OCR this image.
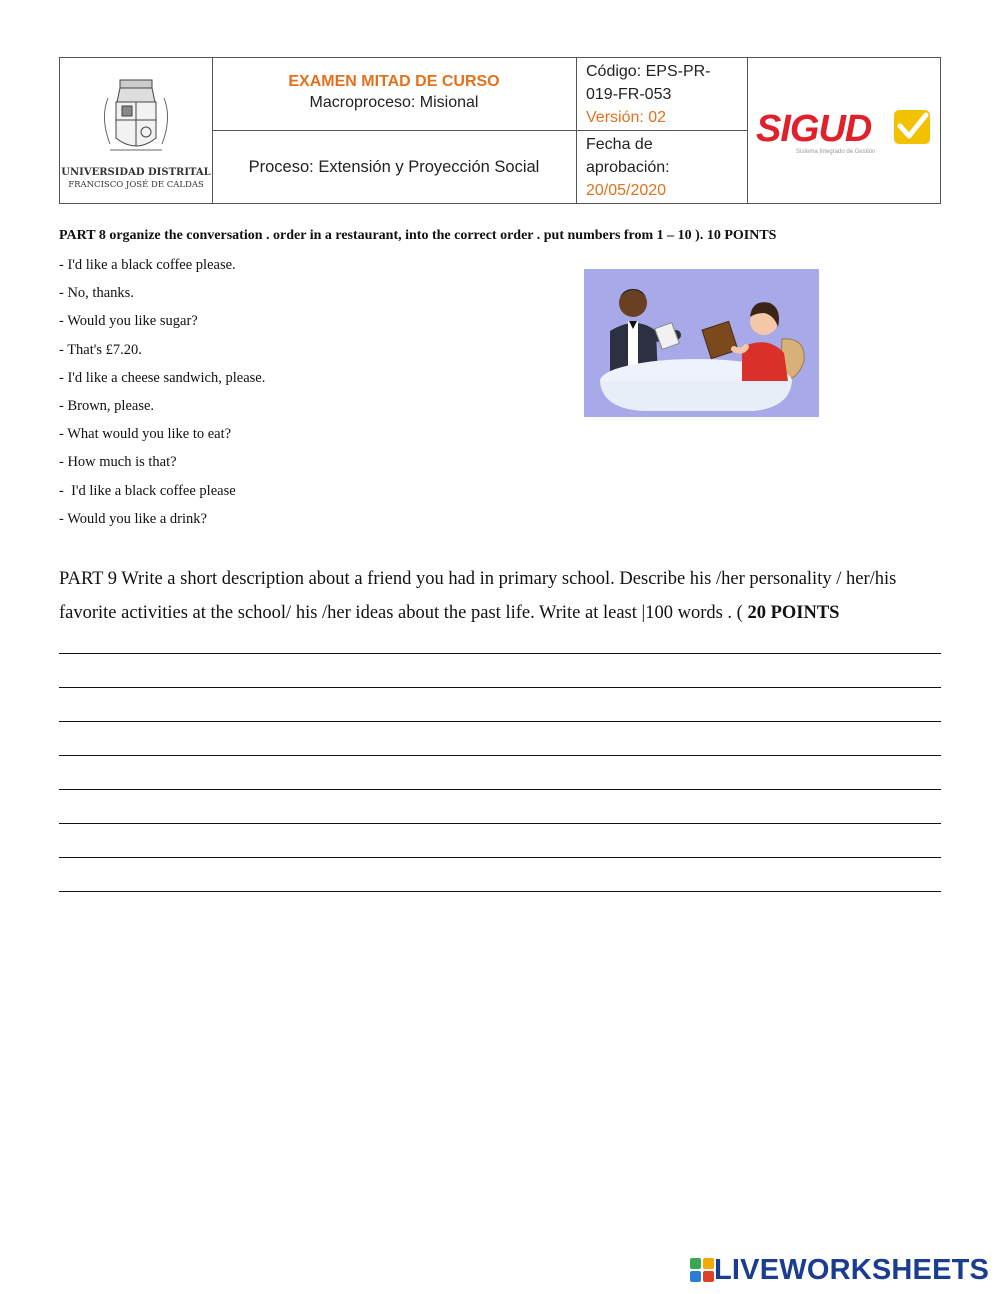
UNIVERSIDAD DISTRITAL
FRANCISCO JOSÉ DE CALDAS
EXAMEN MITAD DE CURSO
Macroproceso: Misional
Proceso: Extensión y Proyección Social
Código: EPS-PR-
019-FR-053
Versión: 02
Fecha de
aprobación:
20/05/2020
SIGUD
Sistema Integrado de Gestión
PART 8 organize the conversation . order in a restaurant, into the correct order . put numbers from 1 – 10 ). 10 POINTS
- I'd like a black coffee please.
- No, thanks.
- Would you like sugar?
- That's £7.20.
- I'd like a cheese sandwich, please.
- Brown, please.
- What would you like to eat?
- How much is that?
-  I'd like a black coffee please
- Would you like a drink?
PART 9 Write a short description about a friend you had in primary school. Describe his /her personality / her/his favorite activities at the school/ his /her ideas about the past life. Write at least |100 words . ( 20 POINTS
LIVEWORKSHEETS
